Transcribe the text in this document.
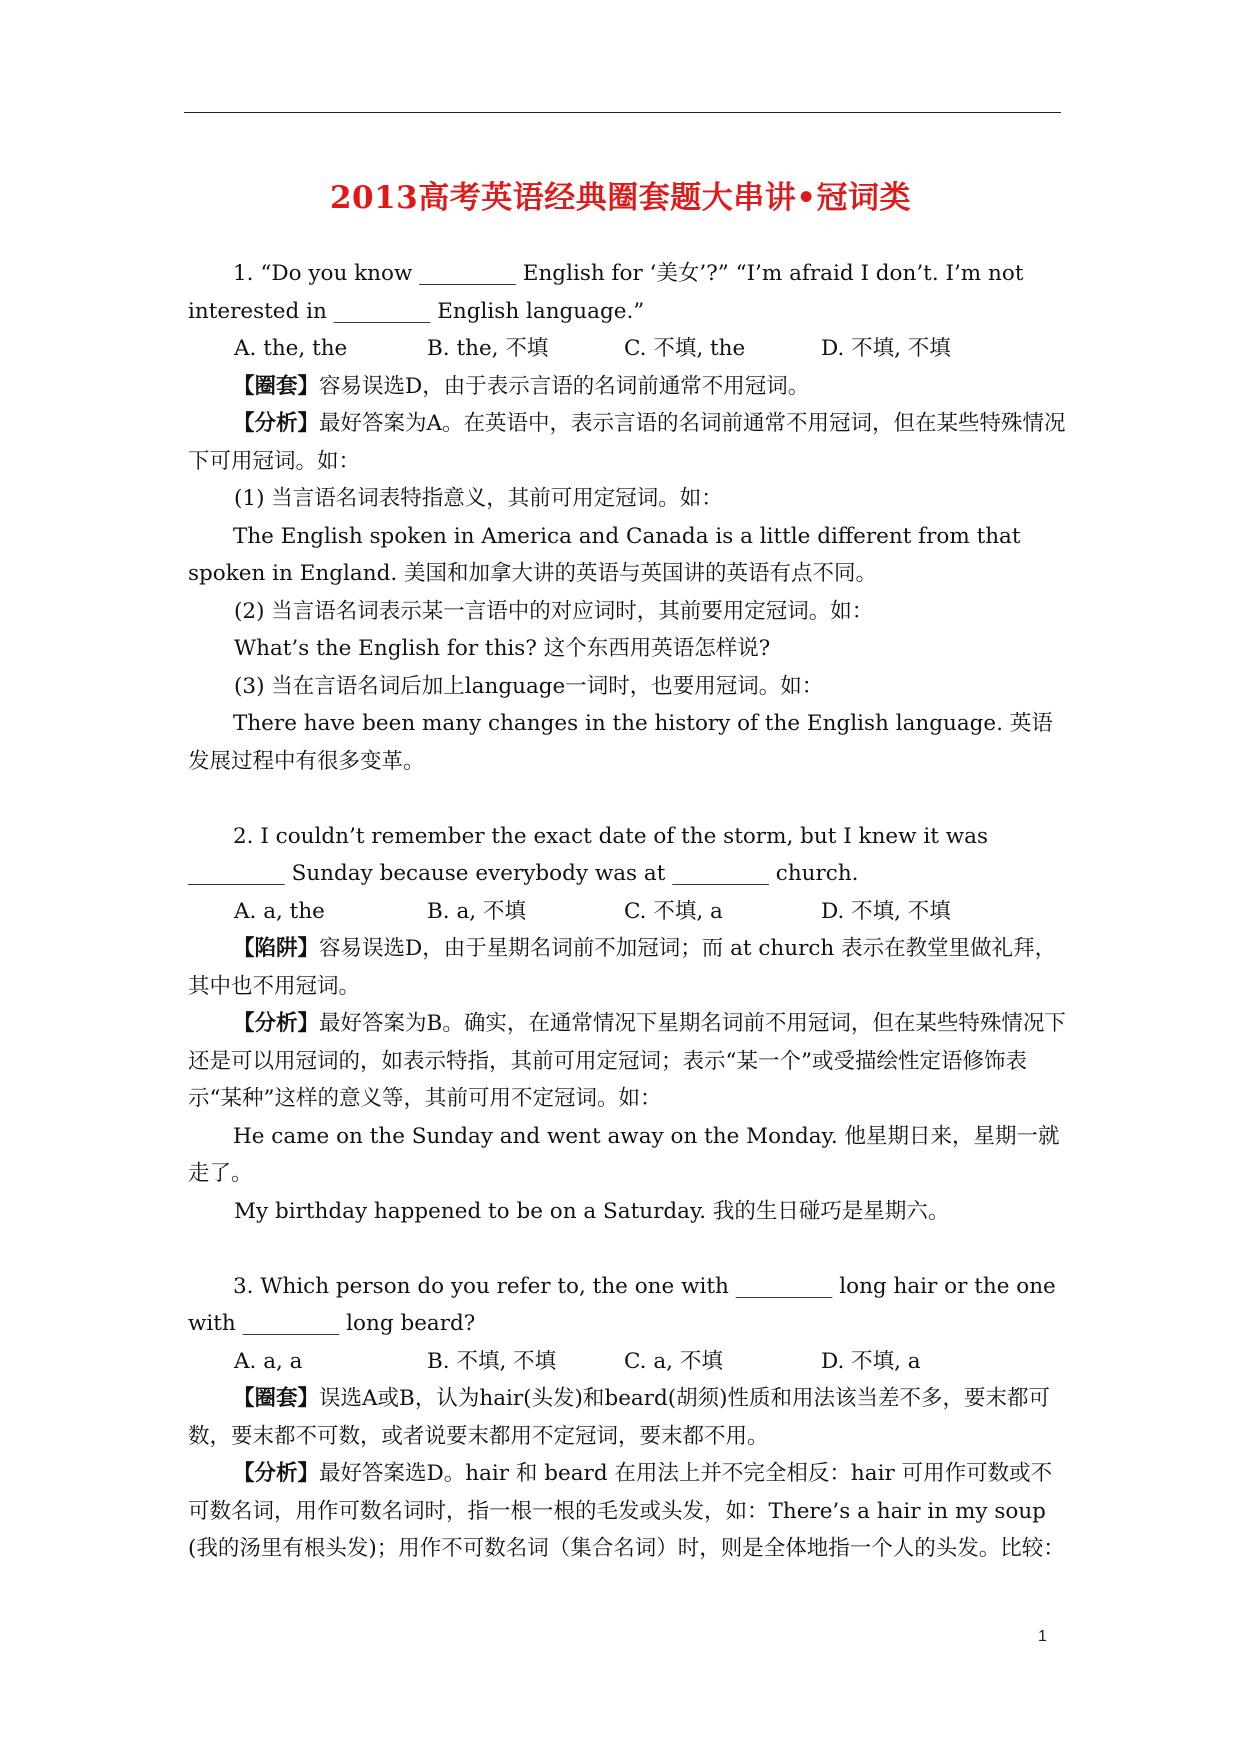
2013高考英语经典圈套题大串讲•冠词类

1. “Do you know _________ English for ‘美女’?” “I’m afraid I don’t. I’m not interested in _________ English language.”

A. the, the	B. the, 不填	C. 不填, the	D. 不填, 不填

【圈套】容易误选D，由于表示言语的名词前通常不用冠词。

【分析】最好答案为A。在英语中，表示言语的名词前通常不用冠词，但在某些特殊情况下可用冠词。如：

(1) 当言语名词表特指意义，其前可用定冠词。如：

The English spoken in America and Canada is a little different from that spoken in England. 美国和加拿大讲的英语与英国讲的英语有点不同。

(2) 当言语名词表示某一言语中的对应词时，其前要用定冠词。如：

What’s the English for this? 这个东西用英语怎样说?

(3) 当在言语名词后加上language一词时，也要用冠词。如：

There have been many changes in the history of the English language. 英语发展过程中有很多变革。

2. I couldn’t remember the exact date of the storm, but I knew it was _________ Sunday because everybody was at _________ church.

A. a, the	B. a, 不填	C. 不填, a	D. 不填, 不填

【陷阱】容易误选D，由于星期名词前不加冠词；而 at church 表示在教堂里做礼拜，其中也不用冠词。

【分析】最好答案为B。确实，在通常情况下星期名词前不用冠词，但在某些特殊情况下还是可以用冠词的，如表示特指，其前可用定冠词；表示“某一个”或受描绘性定语修饰表示“某种”这样的意义等，其前可用不定冠词。如：

He came on the Sunday and went away on the Monday. 他星期日来，星期一就走了。

My birthday happened to be on a Saturday. 我的生日碰巧是星期六。

3. Which person do you refer to, the one with _________ long hair or the one with _________ long beard?

A. a, a	B. 不填, 不填	C. a, 不填	D. 不填, a

【圈套】误选A或B，认为hair(头发)和beard(胡须)性质和用法该当差不多，要末都可数，要末都不可数，或者说要末都用不定冠词，要末都不用。

【分析】最好答案选D。hair 和 beard 在用法上并不完全相反：hair 可用作可数或不可数名词，用作可数名词时，指一根一根的毛发或头发，如：There’s a hair in my soup (我的汤里有根头发)；用作不可数名词（集合名词）时，则是全体地指一个人的头发。比较：

1
